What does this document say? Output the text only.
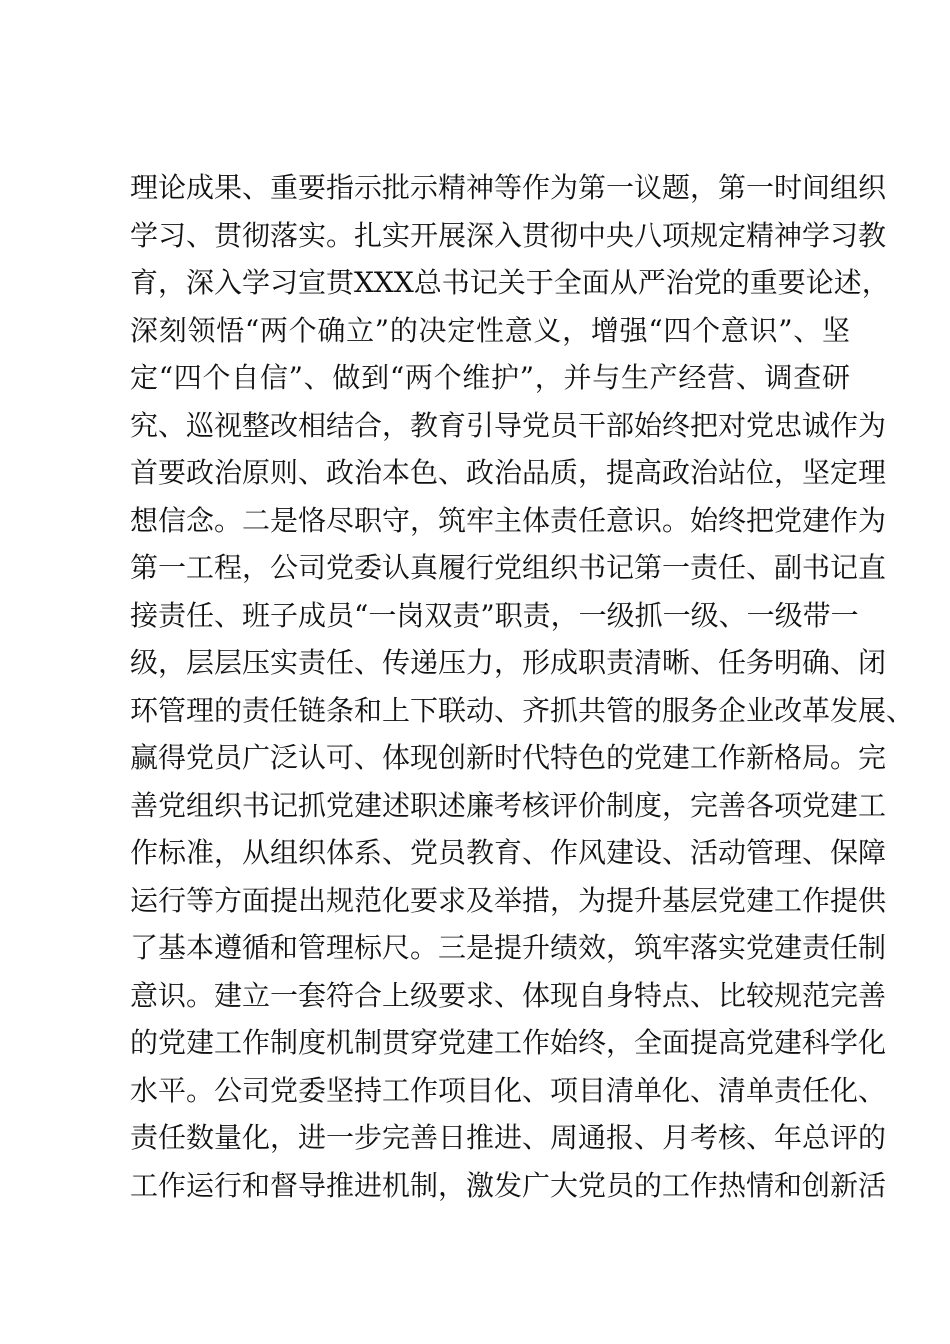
理论成果、重要指示批示精神等作为第一议题，第一时间组织
学习、贯彻落实。扎实开展深入贯彻中央八项规定精神学习教
育，深入学习宣贯XXX总书记关于全面从严治党的重要论述，
深刻领悟“两个确立”的决定性意义，增强“四个意识”、坚
定“四个自信”、做到“两个维护”，并与生产经营、调查研
究、巡视整改相结合，教育引导党员干部始终把对党忠诚作为
首要政治原则、政治本色、政治品质，提高政治站位，坚定理
想信念。二是恪尽职守，筑牢主体责任意识。始终把党建作为
第一工程，公司党委认真履行党组织书记第一责任、副书记直
接责任、班子成员“一岗双责”职责，一级抓一级、一级带一
级，层层压实责任、传递压力，形成职责清晰、任务明确、闭
环管理的责任链条和上下联动、齐抓共管的服务企业改革发展、
赢得党员广泛认可、体现创新时代特色的党建工作新格局。完
善党组织书记抓党建述职述廉考核评价制度，完善各项党建工
作标准，从组织体系、党员教育、作风建设、活动管理、保障
运行等方面提出规范化要求及举措，为提升基层党建工作提供
了基本遵循和管理标尺。三是提升绩效，筑牢落实党建责任制
意识。建立一套符合上级要求、体现自身特点、比较规范完善
的党建工作制度机制贯穿党建工作始终，全面提高党建科学化
水平。公司党委坚持工作项目化、项目清单化、清单责任化、
责任数量化，进一步完善日推进、周通报、月考核、年总评的
工作运行和督导推进机制，激发广大党员的工作热情和创新活
